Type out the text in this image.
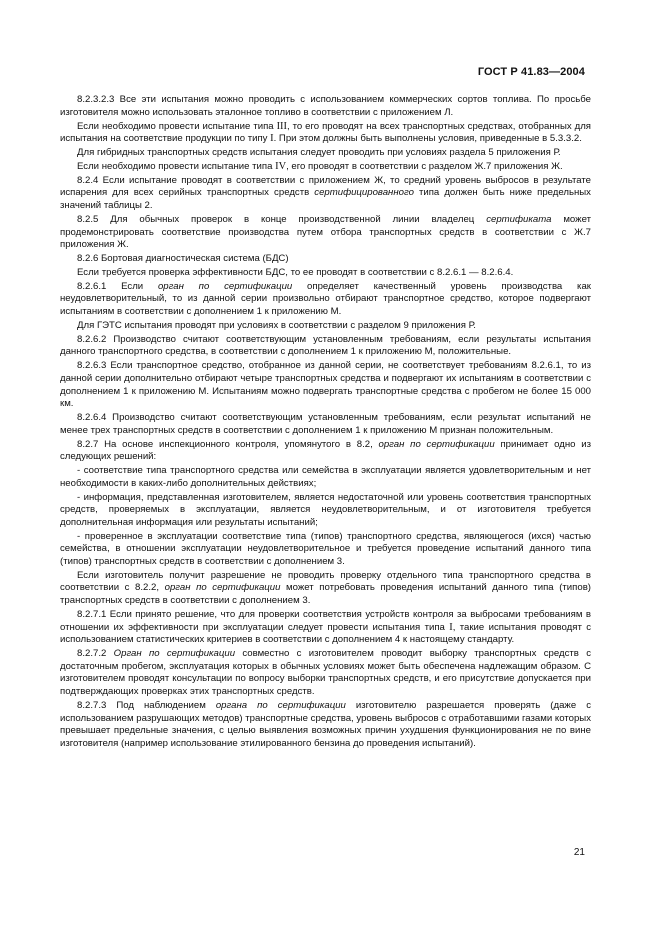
ГОСТ Р 41.83—2004

8.2.3.2.3 Все эти испытания можно проводить с использованием коммерческих сортов топлива. По просьбе изготовителя можно использовать эталонное топливо в соответствии с приложением Л.

Если необходимо провести испытание типа III, то его проводят на всех транспортных средствах, отобранных для испытания на соответствие продукции по типу I. При этом должны быть выполнены условия, приведенные в 5.3.3.2.

Для гибридных транспортных средств испытания следует проводить при условиях раздела 5 приложения Р.

Если необходимо провести испытание типа IV, его проводят в соответствии с разделом Ж.7 приложения Ж.

8.2.4 Если испытание проводят в соответствии с приложением Ж, то средний уровень выбросов в результате испарения для всех серийных транспортных средств сертифицированного типа должен быть ниже предельных значений таблицы 2.

8.2.5 Для обычных проверок в конце производственной линии владелец сертификата может продемонстрировать соответствие производства путем отбора транспортных средств в соответствии с Ж.7 приложения Ж.

8.2.6 Бортовая диагностическая система (БДС)

Если требуется проверка эффективности БДС, то ее проводят в соответствии с 8.2.6.1 — 8.2.6.4.

8.2.6.1 Если орган по сертификации определяет качественный уровень производства как неудовлетворительный, то из данной серии произвольно отбирают транспортное средство, которое подвергают испытаниям в соответствии с дополнением 1 к приложению М.

Для ГЭТС испытания проводят при условиях в соответствии с разделом 9 приложения Р.

8.2.6.2 Производство считают соответствующим установленным требованиям, если результаты испытания данного транспортного средства, в соответствии с дополнением 1 к приложению М, положительные.

8.2.6.3 Если транспортное средство, отобранное из данной серии, не соответствует требованиям 8.2.6.1, то из данной серии дополнительно отбирают четыре транспортных средства и подвергают их испытаниям в соответствии с дополнением 1 к приложению М. Испытаниям можно подвергать транспортные средства с пробегом не более 15 000 км.

8.2.6.4 Производство считают соответствующим установленным требованиям, если результат испытаний не менее трех транспортных средств в соответствии с дополнением 1 к приложению М признан положительным.

8.2.7 На основе инспекционного контроля, упомянутого в 8.2, орган по сертификации принимает одно из следующих решений:

- соответствие типа транспортного средства или семейства в эксплуатации является удовлетворительным и нет необходимости в каких-либо дополнительных действиях;

- информация, представленная изготовителем, является недостаточной или уровень соответствия транспортных средств, проверяемых в эксплуатации, является неудовлетворительным, и от изготовителя требуется дополнительная информация или результаты испытаний;

- проверенное в эксплуатации соответствие типа (типов) транспортного средства, являющегося (ихся) частью семейства, в отношении эксплуатации неудовлетворительное и требуется проведение испытаний данного типа (типов) транспортных средств в соответствии с дополнением 3.

Если изготовитель получит разрешение не проводить проверку отдельного типа транспортного средства в соответствии с 8.2.2, орган по сертификации может потребовать проведения испытаний данного типа (типов) транспортных средств в соответствии с дополнением 3.

8.2.7.1 Если принято решение, что для проверки соответствия устройств контроля за выбросами требованиям в отношении их эффективности при эксплуатации следует провести испытания типа I, такие испытания проводят с использованием статистических критериев в соответствии с дополнением 4 к настоящему стандарту.

8.2.7.2 Орган по сертификации совместно с изготовителем проводит выборку транспортных средств с достаточным пробегом, эксплуатация которых в обычных условиях может быть обеспечена надлежащим образом. С изготовителем проводят консультации по вопросу выборки транспортных средств, и его присутствие допускается при подтверждающих проверках этих транспортных средств.

8.2.7.3 Под наблюдением органа по сертификации изготовителю разрешается проверять (даже с использованием разрушающих методов) транспортные средства, уровень выбросов с отработавшими газами которых превышает предельные значения, с целью выявления возможных причин ухудшения функционирования не по вине изготовителя (например использование этилированного бензина до проведения испытаний).

21
